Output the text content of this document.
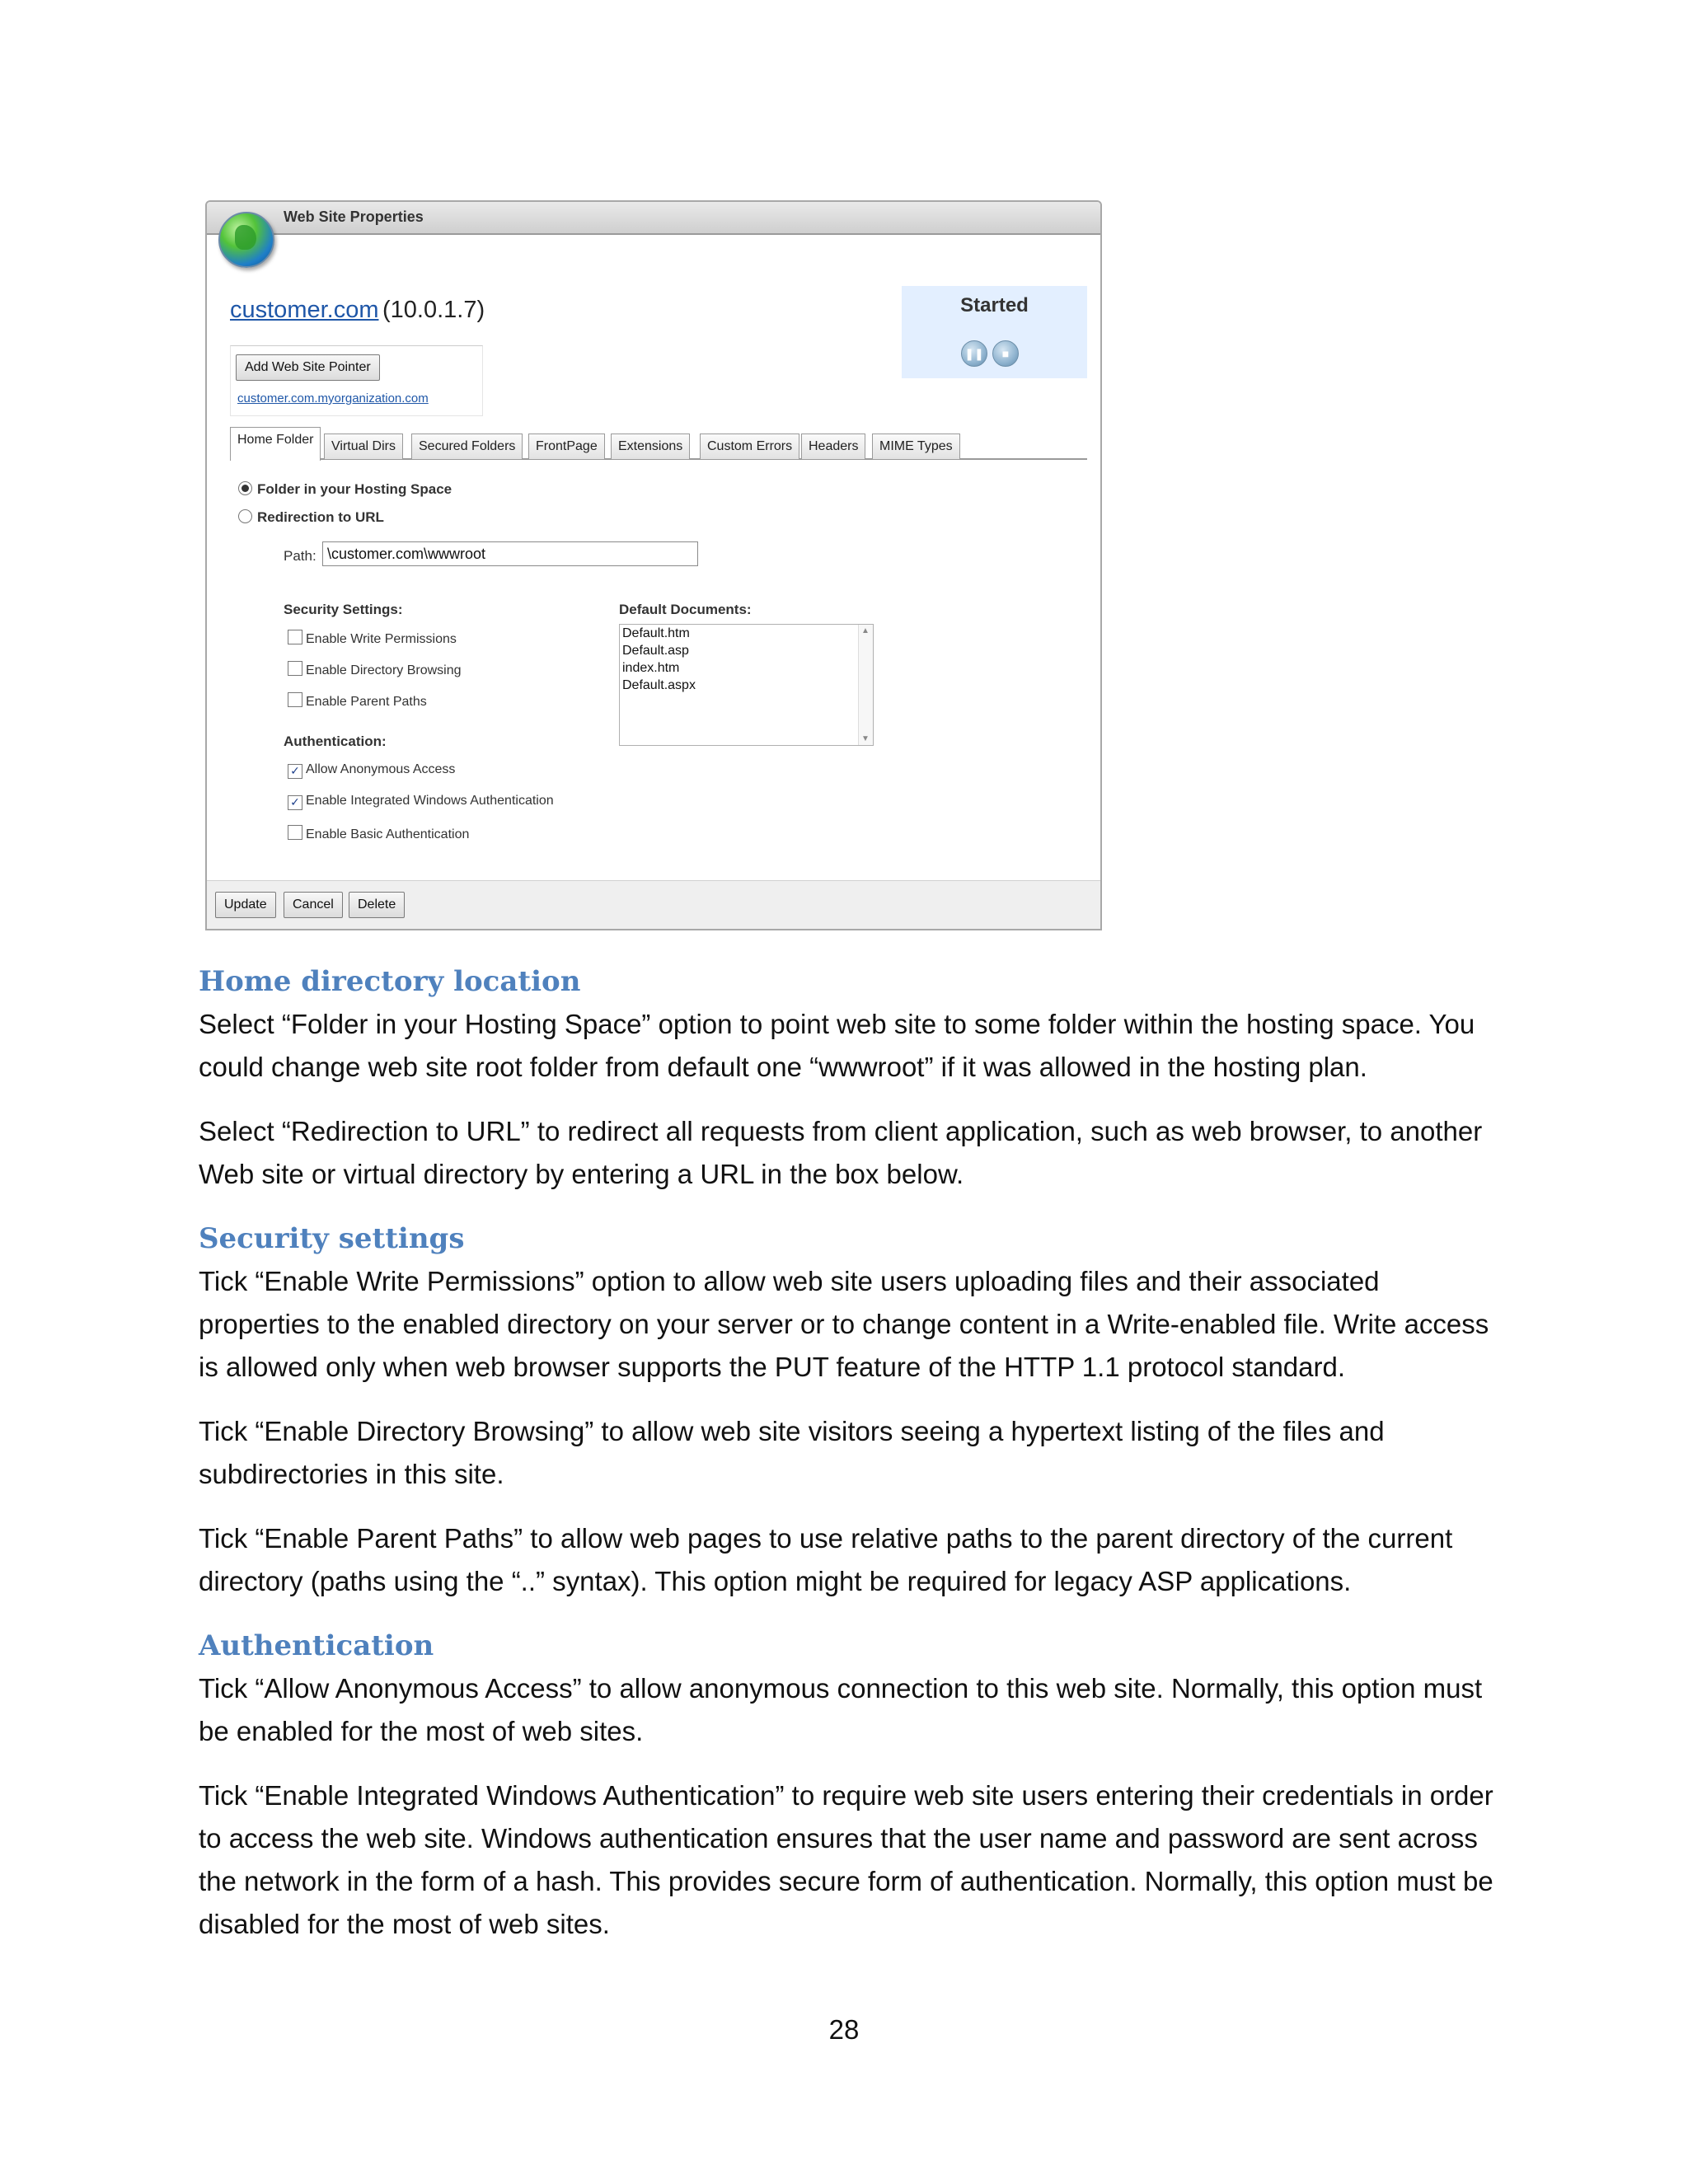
Web Site Properties
customer.com (10.0.1.7)
Add Web Site Pointer
customer.com.myorganization.com
Started
❚❚	■
Home Folder	Virtual Dirs	Secured Folders	FrontPage	Extensions	Custom Errors	Headers	MIME Types
Folder in your Hosting Space
Redirection to URL
Path:
\customer.com\wwwroot
Security Settings:
Enable Write Permissions
Enable Directory Browsing
Enable Parent Paths
Authentication:
✓ Allow Anonymous Access
✓ Enable Integrated Windows Authentication
Enable Basic Authentication
Default Documents:
Default.htm
Default.asp
index.htm
Default.aspx
▲
▼
Update	Cancel	Delete
Home directory location

Select “Folder in your Hosting Space” option to point web site to some folder within the hosting space. You could change web site root folder from default one “wwwroot” if it was allowed in the hosting plan.

Select “Redirection to URL” to redirect all requests from client application, such as web browser, to another Web site or virtual directory by entering a URL in the box below.

Security settings

Tick “Enable Write Permissions” option to allow web site users uploading files and their associated properties to the enabled directory on your server or to change content in a Write-enabled file. Write access is allowed only when web browser supports the PUT feature of the HTTP 1.1 protocol standard.

Tick “Enable Directory Browsing” to allow web site visitors seeing a hypertext listing of the files and subdirectories in this site.

Tick “Enable Parent Paths” to allow web pages to use relative paths to the parent directory of the current directory (paths using the “..” syntax). This option might be required for legacy ASP applications.

Authentication

Tick “Allow Anonymous Access” to allow anonymous connection to this web site. Normally, this option must be enabled for the most of web sites.

Tick “Enable Integrated Windows Authentication” to require web site users entering their credentials in order to access the web site. Windows authentication ensures that the user name and password are sent across the network in the form of a hash. This provides secure form of authentication. Normally, this option must be disabled for the most of web sites.

28
